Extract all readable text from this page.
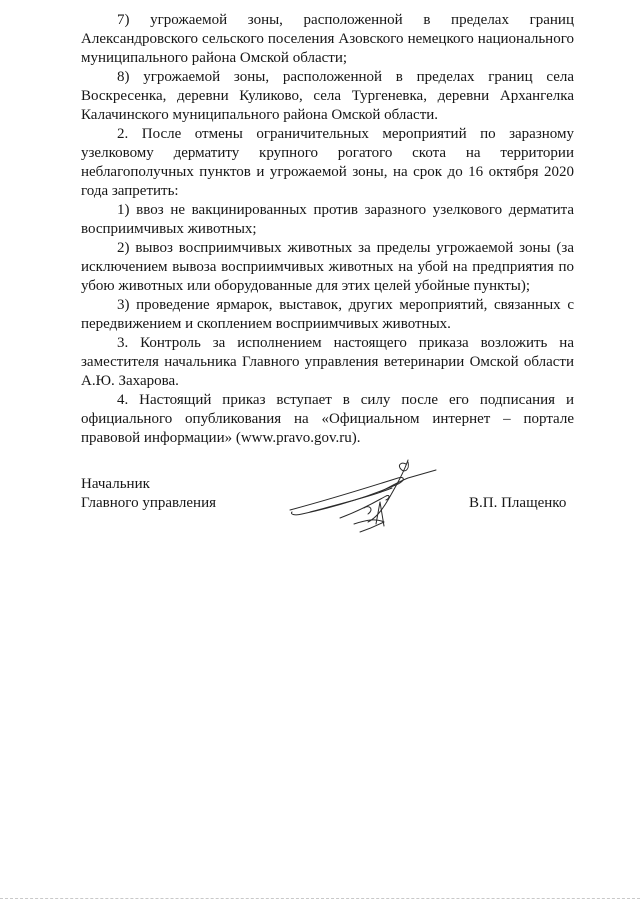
7) угрожаемой зоны, расположенной в пределах границ Александровского сельского поселения Азовского немецкого национального муниципального района Омской области;

8) угрожаемой зоны, расположенной в пределах границ села Воскресенка, деревни Куликово, села Тургеневка, деревни Архангелка Калачинского муниципального района Омской области.

2. После отмены ограничительных мероприятий по заразному узелковому дерматиту крупного рогатого скота на территории неблагополучных пунктов и угрожаемой зоны, на срок до 16 октября 2020 года запретить:

1) ввоз не вакцинированных против заразного узелкового дерматита восприимчивых животных;

2) вывоз восприимчивых животных за пределы угрожаемой зоны (за исключением вывоза восприимчивых животных на убой на предприятия по убою животных или оборудованные для этих целей убойные пункты);

3) проведение ярмарок, выставок, других мероприятий, связанных с передвижением и скоплением восприимчивых животных.

3. Контроль за исполнением настоящего приказа возложить на заместителя начальника Главного управления ветеринарии Омской области А.Ю. Захарова.

4. Настоящий приказ вступает в силу после его подписания и официального опубликования на «Официальном интернет – портале правовой информации» (www.pravo.gov.ru).

Начальник
Главного управления	В.П. Плащенко
